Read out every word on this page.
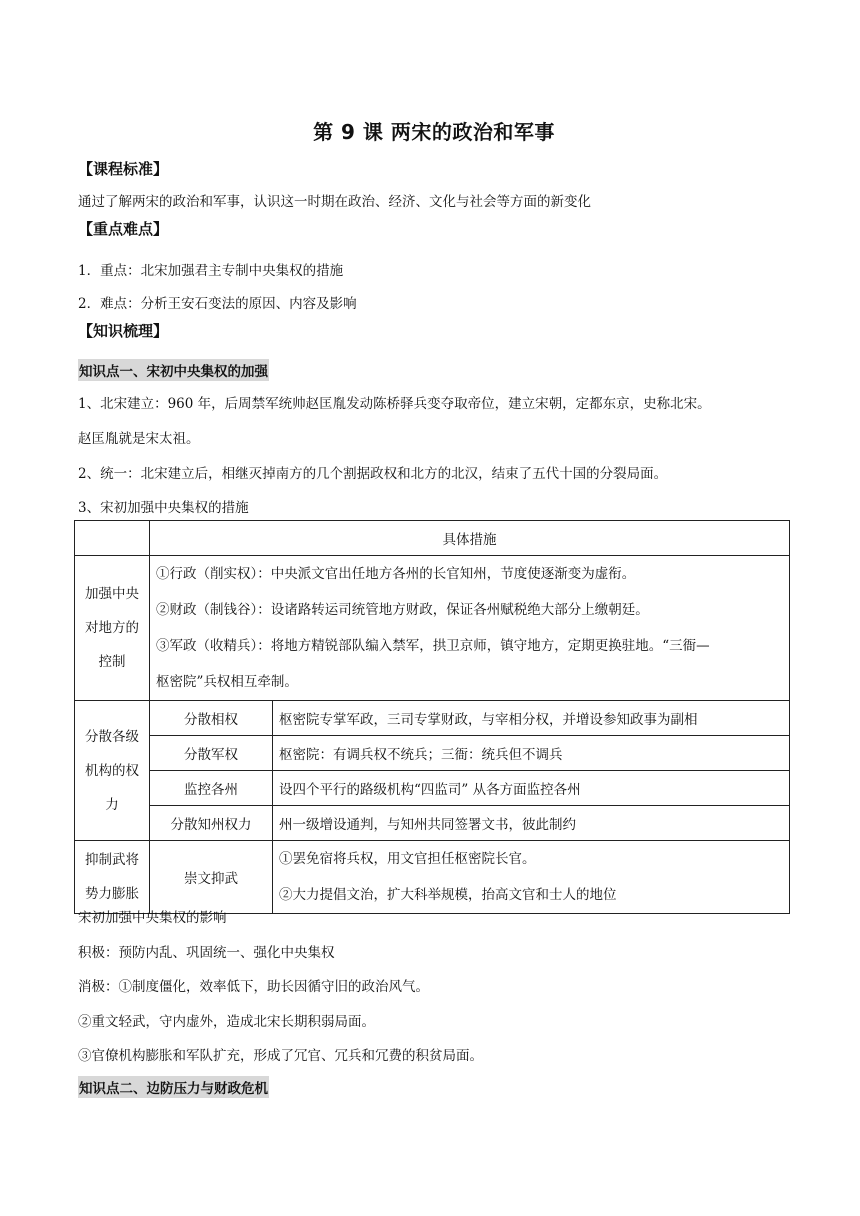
第 9 课 两宋的政治和军事
【课程标准】
通过了解两宋的政治和军事，认识这一时期在政治、经济、文化与社会等方面的新变化
【重点难点】
1．重点：北宋加强君主专制中央集权的措施
2．难点：分析王安石变法的原因、内容及影响
【知识梳理】
知识点一、宋初中央集权的加强
1、北宋建立：960 年，后周禁军统帅赵匡胤发动陈桥驿兵变夺取帝位，建立宋朝，定都东京，史称北宋。
赵匡胤就是宋太祖。
2、统一：北宋建立后，相继灭掉南方的几个割据政权和北方的北汉，结束了五代十国的分裂局面。
3、宋初加强中央集权的措施
	具体措施	
加强中央对地方的控制	①行政（削实权）：中央派文官出任地方各州的长官知州，节度使逐渐变为虚衔。

②财政（制钱谷）：设诸路转运司统管地方财政，保证各州赋税绝大部分上缴朝廷。

③军政（收精兵）：将地方精锐部队编入禁军，拱卫京师，镇守地方，定期更换驻地。“三衙—

枢密院”兵权相互牵制。	

分散各级机构的权力	分散相权	枢密院专掌军政，三司专掌财政，与宰相分权，并增设参知政事为副相
	分散军权	枢密院：有调兵权不统兵；三衙：统兵但不调兵
	监控各州	设四个平行的路级机构“四监司” 从各方面监控各州
	分散知州权力	州一级增设通判，与知州共同签署文书，彼此制约
抑制武将势力膨胀	崇文抑武	①罢免宿将兵权，用文官担任枢密院长官。

②大力提倡文治，扩大科举规模，抬高文官和士人的地位

宋初加强中央集权的影响
积极：预防内乱、巩固统一、强化中央集权
消极：①制度僵化，效率低下，助长因循守旧的政治风气。
②重文轻武，守内虚外，造成北宋长期积弱局面。
③官僚机构膨胀和军队扩充，形成了冗官、冗兵和冗费的积贫局面。
知识点二、边防压力与财政危机
